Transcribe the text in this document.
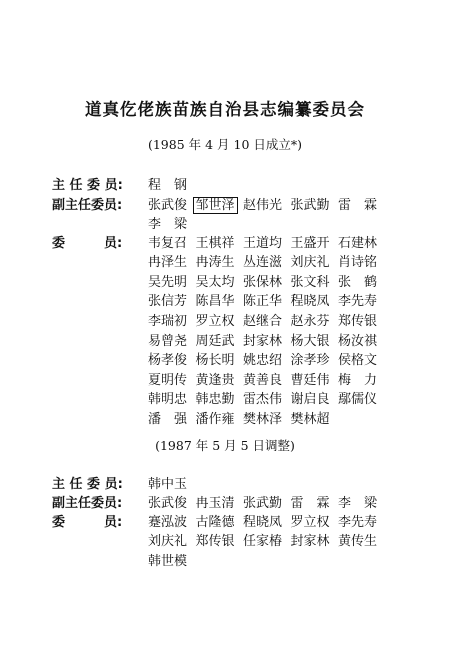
道真仡佬族苗族自治县志编纂委员会
(1985 年 4 月 10 日成立*)
主 任 委 员: 程　钢
副主任委员: 张武俊 邹世泽 赵伟光 张武勤 雷　霖
李　梁
委　　　员: 韦复召 王棋祥 王道均 王盛开 石建林
冉泽生 冉涛生 丛连滋 刘庆礼 肖诗铭
吴先明 吴太均 张保林 张文科 张　鹤
张信芳 陈昌华 陈正华 程晓凤 李先寿
李瑞初 罗立权 赵继合 赵永芬 郑传银
易曾尧 周廷武 封家林 杨大银 杨汝祺
杨孝俊 杨长明 姚忠绍 涂孝珍 侯格文
夏明传 黄逢贵 黄善良 曹廷伟 梅　力
韩明忠 韩忠勤 雷杰伟 谢启良 鄢儒仪
潘　强 潘作雍 樊林泽 樊林超
(1987 年 5 月 5 日调整)
主 任 委 员: 韩中玉
副主任委员: 张武俊 冉玉清 张武勤 雷　霖 李　梁
委　　　员: 蹇泓波 古隆德 程晓凤 罗立权 李先寿
刘庆礼 郑传银 任家椿 封家林 黄传生
韩世模
